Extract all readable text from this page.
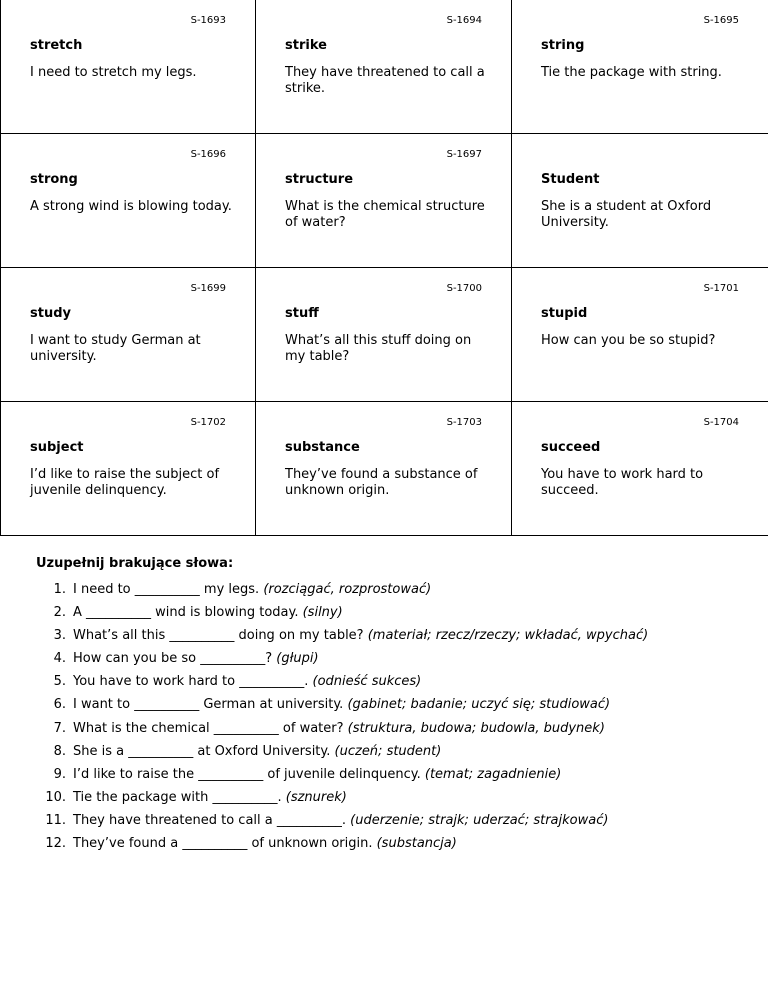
S-1693
stretch
I need to stretch my legs.
S-1694
strike
They have threatened to call a strike.
S-1695
string
Tie the package with string.
S-1696
strong
A strong wind is blowing today.
S-1697
structure
What is the chemical structure of water?
Student
She is a student at Oxford University.
S-1699
study
I want to study German at university.
S-1700
stuff
What’s all this stuff doing on my table?
S-1701
stupid
How can you be so stupid?
S-1702
subject
I’d like to raise the subject of juvenile delinquency.
S-1703
substance
They’ve found a substance of unknown origin.
S-1704
succeed
You have to work hard to succeed.
Uzupełnij brakujące słowa:
1. I need to __________ my legs. (rozciągać, rozprostować)
2. A __________ wind is blowing today. (silny)
3. What’s all this __________ doing on my table? (materiał; rzecz/rzeczy; wkładać, wpychać)
4. How can you be so __________? (głupi)
5. You have to work hard to __________. (odnieść sukces)
6. I want to __________ German at university. (gabinet; badanie; uczyć się; studiować)
7. What is the chemical __________ of water? (struktura, budowa; budowla, budynek)
8. She is a __________ at Oxford University. (uczeń; student)
9. I’d like to raise the __________ of juvenile delinquency. (temat; zagadnienie)
10. Tie the package with __________. (sznurek)
11. They have threatened to call a __________. (uderzenie; strajk; uderzać; strajkować)
12. They’ve found a __________ of unknown origin. (substancja)
